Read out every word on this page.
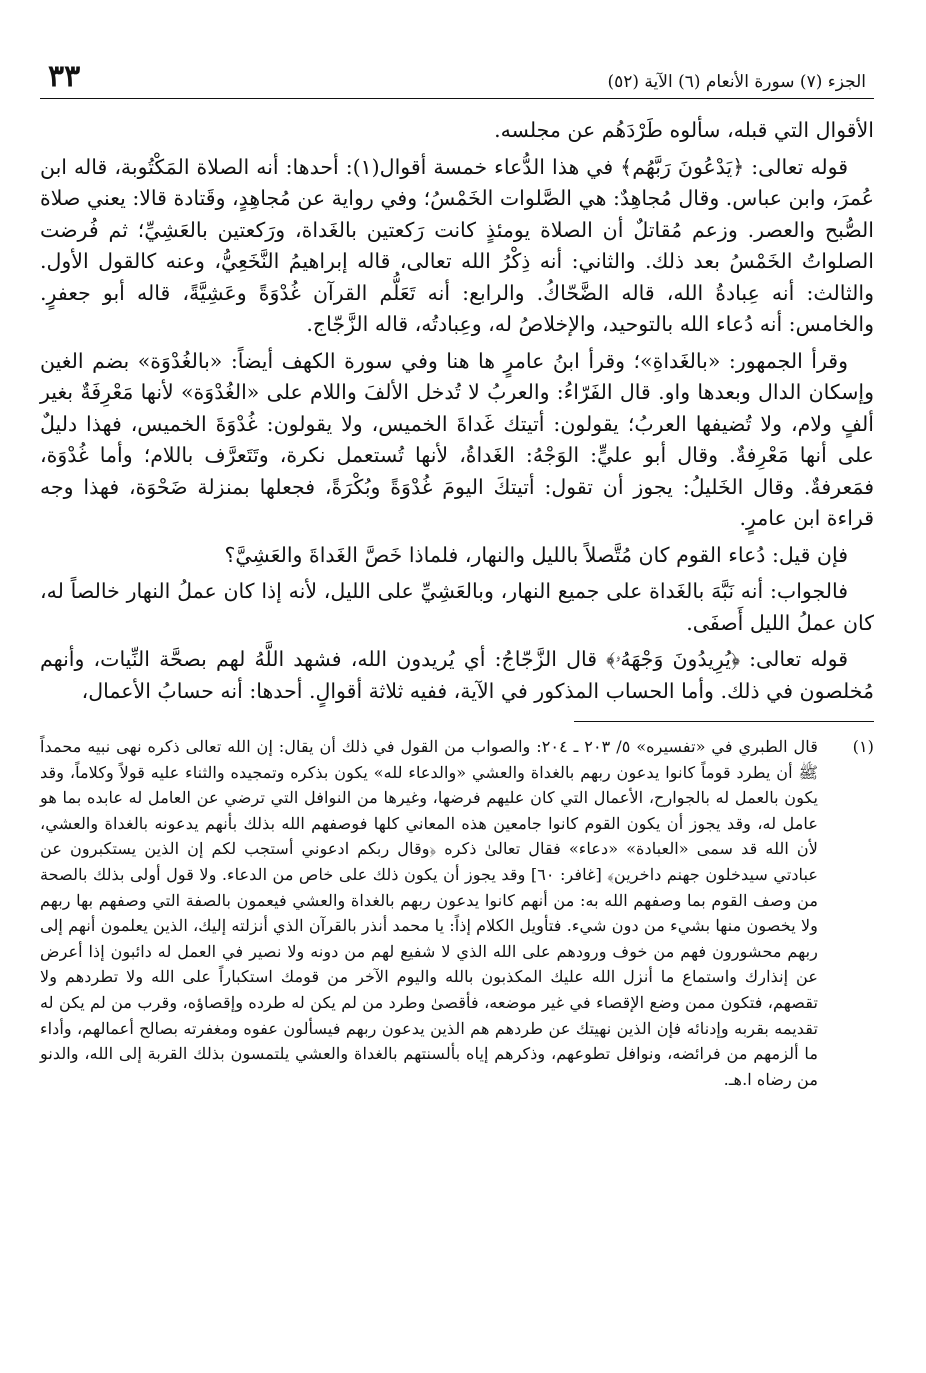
الجزء (٧) سورة الأنعام (٦) الآية (٥٢)
٣٣

الأقوال التي قبله، سألوه طَرْدَهُم عن مجلسه.

قوله تعالى: ﴿يَدْعُونَ رَبَّهُم﴾ في هذا الدُّعاء خمسة أقوال(١): أحدها: أنه الصلاة المَكْتُوبة، قاله ابن عُمرَ، وابن عباس. وقال مُجاهِدٌ: هي الصَّلوات الخَمْسُ؛ وفي رواية عن مُجاهِدٍ، وقَتادة قالا: يعني صلاة الصُّبح والعصر. وزعم مُقاتلٌ أن الصلاة يومئذٍ كانت رَكعتين بالغَداة، ورَكعتين بالعَشِيِّ؛ ثم فُرضت الصلواتُ الخَمْسُ بعد ذلك. والثاني: أنه ذِكْرُ الله تعالى، قاله إبراهيمُ النَّخَعِيُّ، وعنه كالقول الأول. والثالث: أنه عِبادةُ الله، قاله الضَّحّاكُ. والرابع: أنه تَعَلُّم القرآن غُدْوَةً وعَشِيَّةً، قاله أبو جعفرٍ. والخامس: أنه دُعاء الله بالتوحيد، والإخلاصُ له، وعِبادتُه، قاله الزَّجّاج.

وقرأ الجمهور: «بالغَداةِ»؛ وقرأ ابنُ عامرٍ ها هنا وفي سورة الكهف أيضاً: «بالغُدْوَة» بضم الغين وإسكان الدال وبعدها واو. قال الفَرّاءُ: والعربُ لا تُدخل الألفَ واللام على «الغُدْوَة» لأنها مَعْرِفَةٌ بغير ألفٍ ولام، ولا تُضيفها العربُ؛ يقولون: أتيتك غَداةَ الخميس، ولا يقولون: غُدْوَةَ الخميس، فهذا دليلٌ على أنها مَعْرِفةٌ. وقال أبو عليٍّ: الوَجْهُ: الغَداةُ، لأنها تُستعمل نكرة، وتَتَعرَّف باللام؛ وأما غُدْوَة، فمَعرفةٌ. وقال الخَليلُ: يجوز أن تقول: أتيتكَ اليومَ غُدْوَةً وبُكْرَةً، فجعلها بمنزلة ضَحْوَة، فهذا وجه قراءة ابن عامرٍ.

فإن قيل: دُعاء القوم كان مُتَّصلاً بالليل والنهار، فلماذا خَصَّ الغَداةَ والعَشِيَّ؟

فالجواب: أنه نَبَّهَ بالغَداة على جميع النهار، وبالعَشِيِّ على الليل، لأنه إذا كان عملُ النهار خالصاً له، كان عملُ الليل أَصفَى.

قوله تعالى: ﴿يُرِيدُونَ وَجْهَهُۥ﴾ قال الزَّجّاجُ: أي يُريدون الله، فشهد اللَّهُ لهم بصحَّة النِّيات، وأنهم مُخلصون في ذلك. وأما الحساب المذكور في الآية، ففيه ثلاثة أقوالٍ. أحدها: أنه حسابُ الأعمال،

(١)
قال الطبري في «تفسيره» ٥/ ٢٠٣ ـ ٢٠٤: والصواب من القول في ذلك أن يقال: إن الله تعالى ذكره نهى نبيه محمداً ﷺ أن يطرد قوماً كانوا يدعون ربهم بالغداة والعشي «والدعاء لله» يكون بذكره وتمجيده والثناء عليه قولاً وكلاماً، وقد يكون بالعمل له بالجوارح، الأعمال التي كان عليهم فرضها، وغيرها من النوافل التي ترضي عن العامل له عابده بما هو عامل له، وقد يجوز أن يكون القوم كانوا جامعين هذه المعاني كلها فوصفهم الله بذلك بأنهم يدعونه بالغداة والعشي، لأن الله قد سمى «العبادة» «دعاء» فقال تعالىٰ ذكره ﴿وقال ربكم ادعوني أستجب لكم إن الذين يستكبرون عن عبادتي سيدخلون جهنم داخرين﴾ [غافر: ٦٠] وقد يجوز أن يكون ذلك على خاص من الدعاء. ولا قول أولى بذلك بالصحة من وصف القوم بما وصفهم الله به: من أنهم كانوا يدعون ربهم بالغداة والعشي فيعمون بالصفة التي وصفهم بها ربهم ولا يخصون منها بشيء من دون شيء. فتأويل الكلام إذاً: يا محمد أنذر بالقرآن الذي أنزلته إليك، الذين يعلمون أنهم إلى ربهم محشورون فهم من خوف ورودهم على الله الذي لا شفيع لهم من دونه ولا نصير في العمل له دائبون إذا أعرض عن إنذارك واستماع ما أنزل الله عليك المكذبون بالله واليوم الآخر من قومك استكباراً على الله ولا تطردهم ولا تقصهم، فتكون ممن وضع الإقصاء في غير موضعه، فأقصىٰ وطرد من لم يكن له طرده وإقصاؤه، وقرب من لم يكن له تقديمه بقربه وإدنائه فإن الذين نهيتك عن طردهم هم الذين يدعون ربهم فيسألون عفوه ومغفرته بصالح أعمالهم، وأداء ما ألزمهم من فرائضه، ونوافل تطوعهم، وذكرهم إياه بألسنتهم بالغداة والعشي يلتمسون بذلك القربة إلى الله، والدنو من رضاه ا.هـ.
